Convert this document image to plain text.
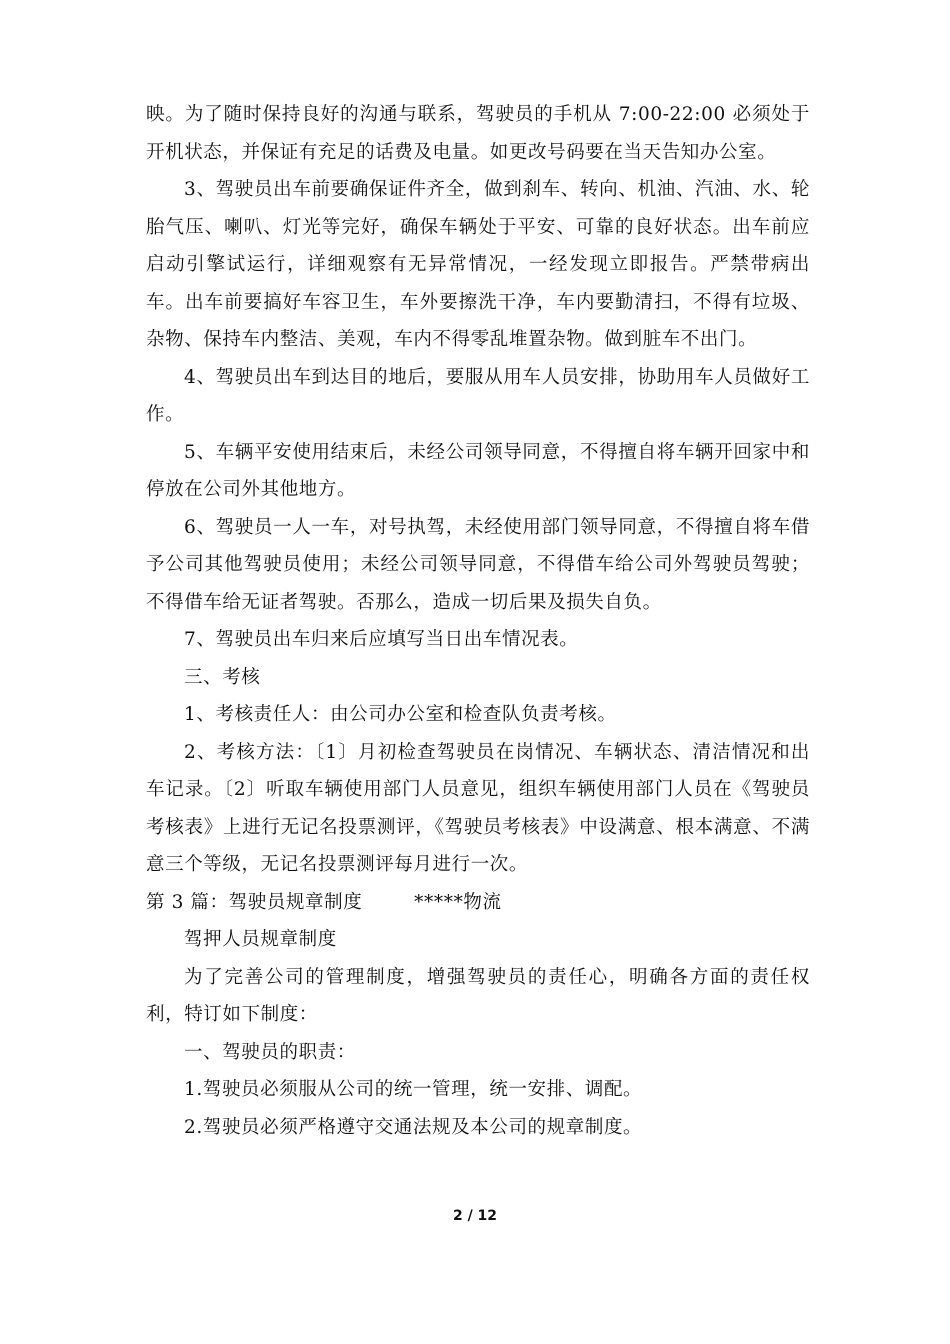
映。为了随时保持良好的沟通与联系，驾驶员的手机从 7:00-22:00 必须处于开机状态，并保证有充足的话费及电量。如更改号码要在当天告知办公室。

3、驾驶员出车前要确保证件齐全，做到刹车、转向、机油、汽油、水、轮胎气压、喇叭、灯光等完好，确保车辆处于平安、可靠的良好状态。出车前应启动引擎试运行，详细观察有无异常情况，一经发现立即报告。严禁带病出车。出车前要搞好车容卫生，车外要擦洗干净，车内要勤清扫，不得有垃圾、杂物、保持车内整洁、美观，车内不得零乱堆置杂物。做到脏车不出门。

4、驾驶员出车到达目的地后，要服从用车人员安排，协助用车人员做好工作。

5、车辆平安使用结束后，未经公司领导同意，不得擅自将车辆开回家中和停放在公司外其他地方。

6、驾驶员一人一车，对号执驾，未经使用部门领导同意，不得擅自将车借予公司其他驾驶员使用；未经公司领导同意，不得借车给公司外驾驶员驾驶；不得借车给无证者驾驶。否那么，造成一切后果及损失自负。

7、驾驶员出车归来后应填写当日出车情况表。

三、考核

1、考核责任人：由公司办公室和检查队负责考核。

2、考核方法：〔1〕月初检查驾驶员在岗情况、车辆状态、清洁情况和出车记录。〔2〕听取车辆使用部门人员意见，组织车辆使用部门人员在《驾驶员考核表》上进行无记名投票测评，《驾驶员考核表》中设满意、根本满意、不满意三个等级，无记名投票测评每月进行一次。

第 3 篇：驾驶员规章制度        *****物流

驾押人员规章制度

为了完善公司的管理制度，增强驾驶员的责任心，明确各方面的责任权利，特订如下制度：

一、驾驶员的职责：

1.驾驶员必须服从公司的统一管理，统一安排、调配。

2.驾驶员必须严格遵守交通法规及本公司的规章制度。

2 / 12
